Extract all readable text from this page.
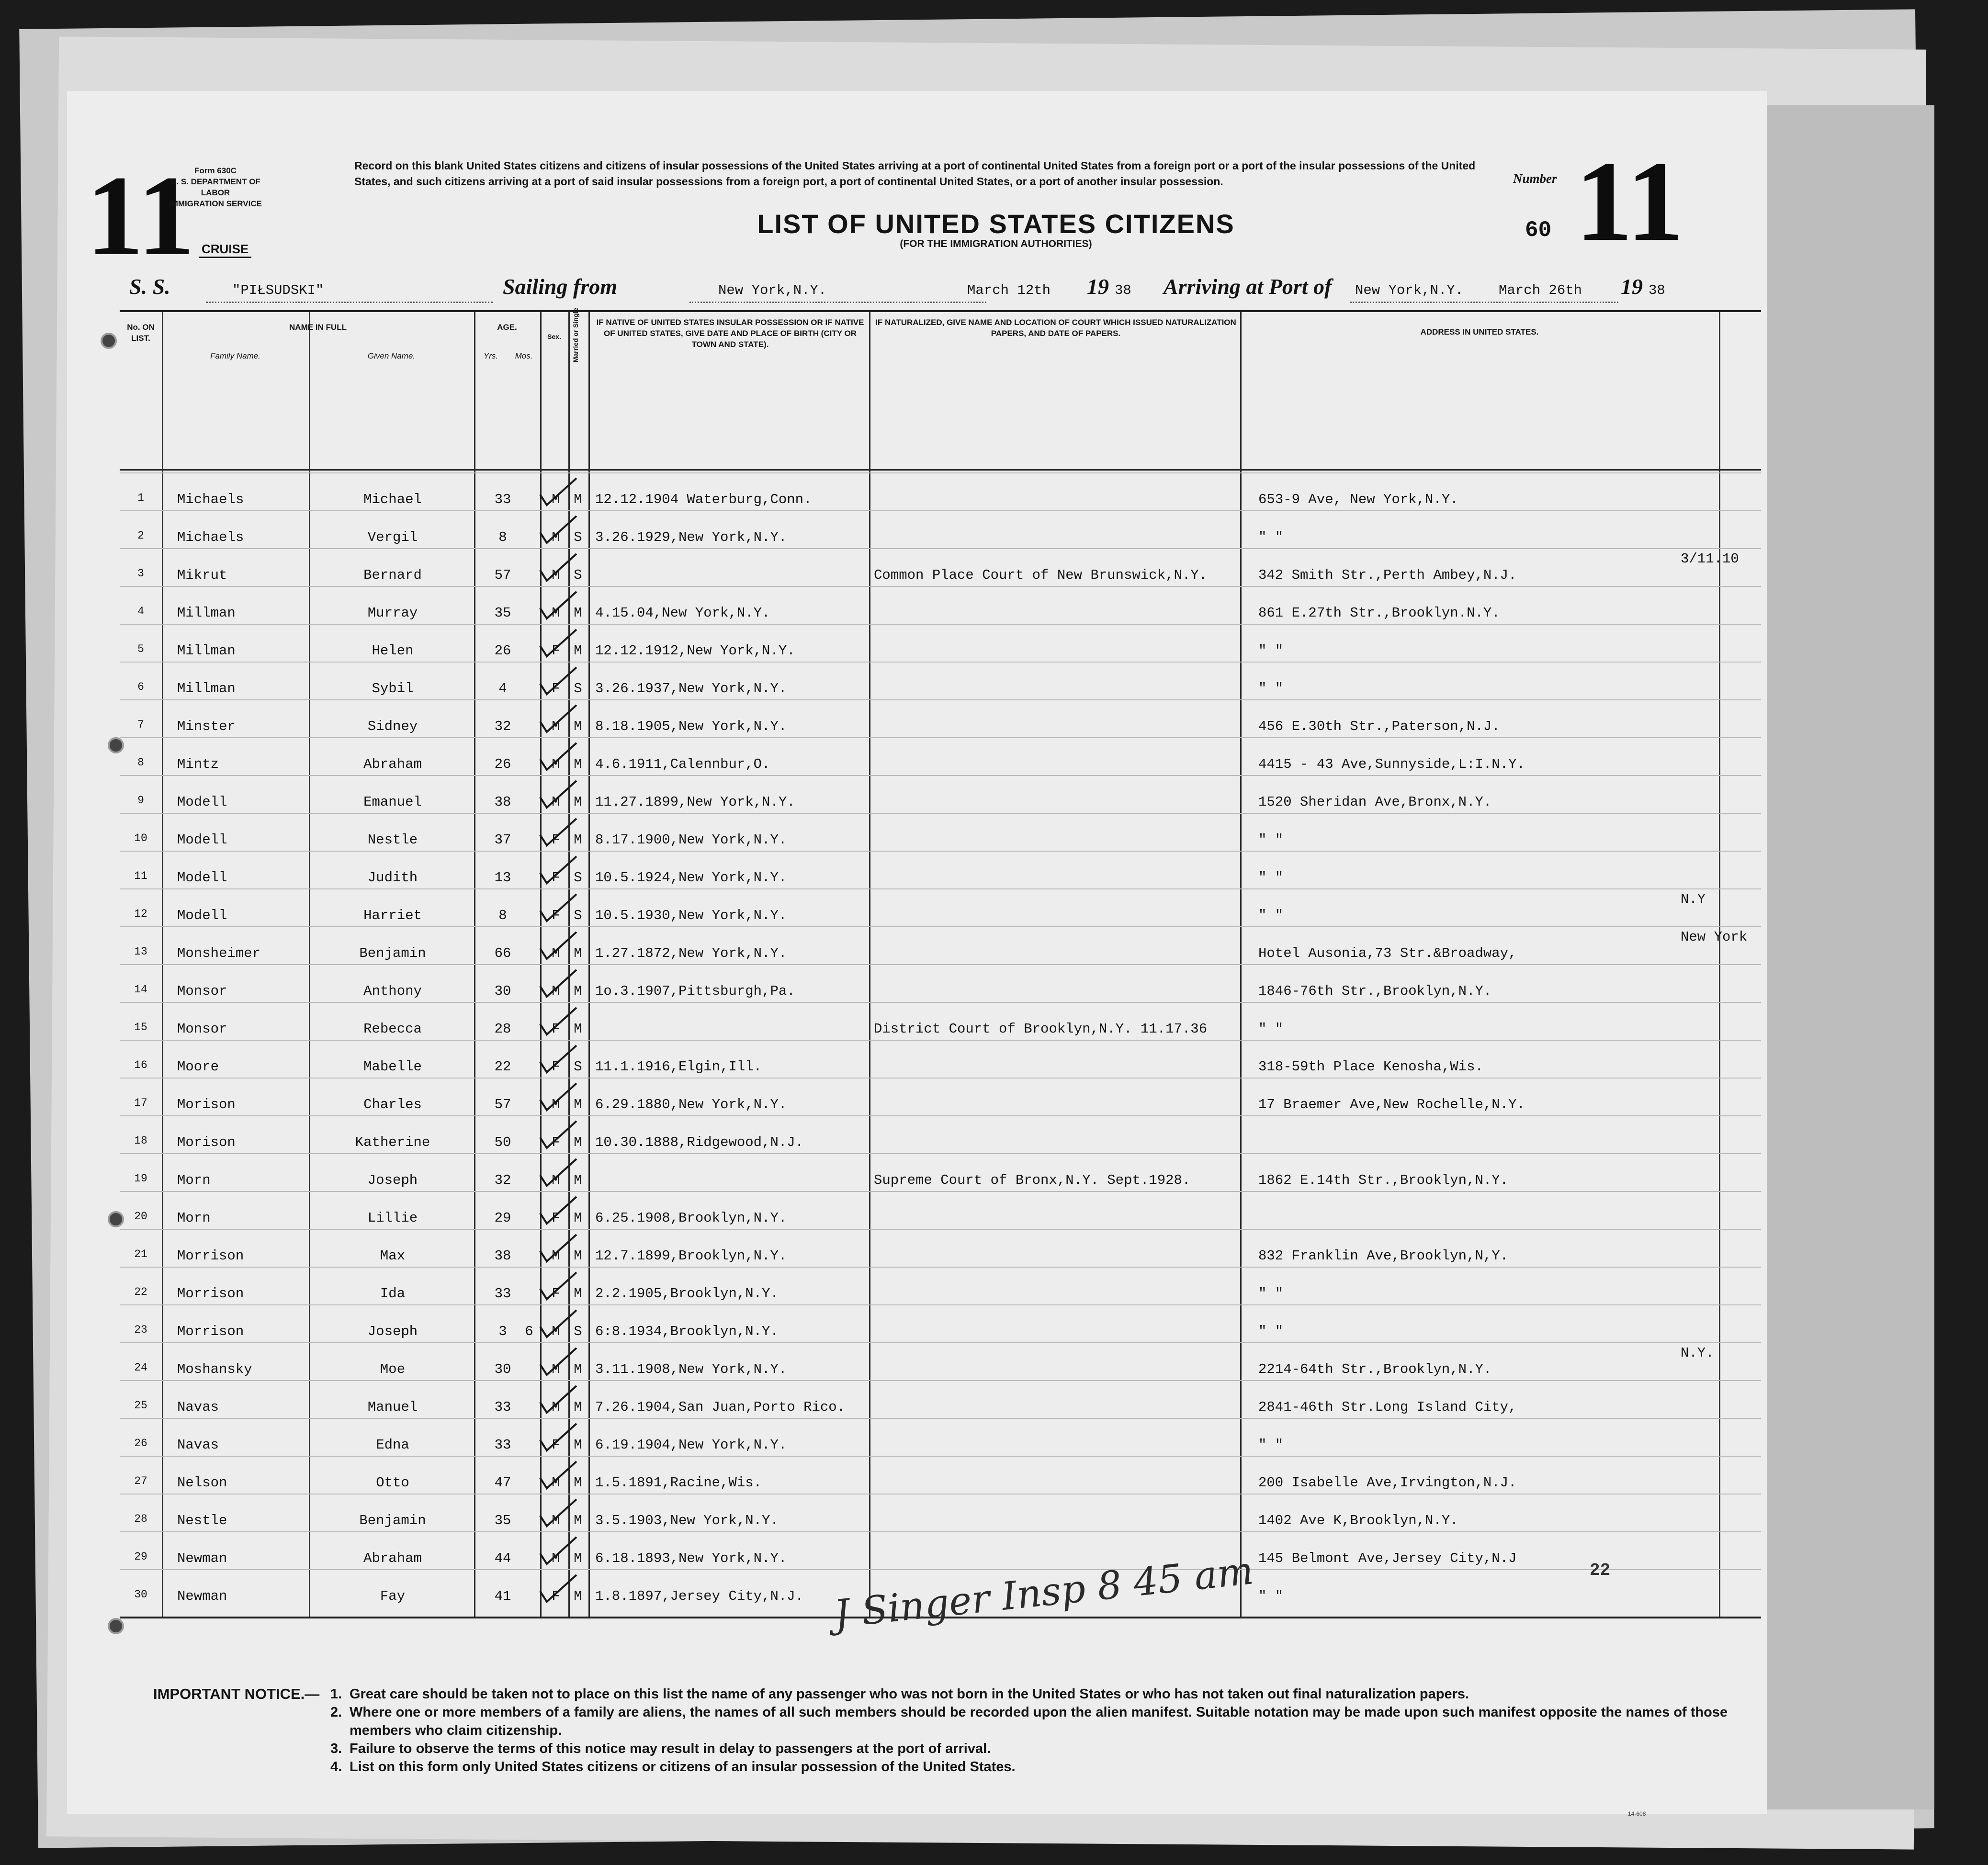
11	11
Form 630C
U. S. DEPARTMENT OF LABOR
IMMIGRATION SERVICE
CRUISE
Record on this blank United States citizens and citizens of insular possessions of the United States arriving at a port of continental United States from a foreign port or a port of the insular possessions of the United States, and such citizens arriving at a port of said insular possessions from a foreign port, a port of continental United States, or a port of another insular possession.
LIST OF UNITED STATES CITIZENS
(FOR THE IMMIGRATION AUTHORITIES)
Number
60
S. S.	"PIŁSUDSKI"	Sailing from	New York,N.Y.	March 12th 19 38 Arriving at Port of New York,N.Y.	March 26th 19 38
No. ON LIST.
NAME IN FULL
Family Name.	Given Name.
AGE.
Yrs.	Mos.
Sex.	Married or Single	IF NATIVE OF UNITED STATES INSULAR POSSESSION OR IF NATIVE OF UNITED STATES, GIVE DATE AND PLACE OF BIRTH (CITY OR TOWN AND STATE).
IF NATURALIZED, GIVE NAME AND LOCATION OF COURT WHICH ISSUED NATURALIZATION PAPERS, AND DATE OF PAPERS.	ADDRESS IN UNITED STATES.
1	Michaels	Michael	33	M M 12.12.1904 Waterburg,Conn.	653-9 Ave, New York,N.Y.
2	Michaels	Vergil	8	M S 3.26.1929,New York,N.Y.	" "
3	Mikrut	Bernard	57	M S	Common Place Court of New Brunswick,N.Y.	342 Smith Str.,Perth Ambey,N.J.
3/11.10
4	Millman	Murray	35	M M 4.15.04,New York,N.Y.	861 E.27th Str.,Brooklyn.N.Y.
5	Millman	Helen	26	F M 12.12.1912,New York,N.Y.	" "
6	Millman	Sybil	4	F S 3.26.1937,New York,N.Y.	" "
7	Minster	Sidney	32	M M 8.18.1905,New York,N.Y.	456 E.30th Str.,Paterson,N.J.
8	Mintz	Abraham	26	M M 4.6.1911,Calennbur,O.	4415 - 43 Ave,Sunnyside,L:I.N.Y.
9	Modell	Emanuel	38	M M 11.27.1899,New York,N.Y.	1520 Sheridan Ave,Bronx,N.Y.
10	Modell	Nestle	37	F M 8.17.1900,New York,N.Y.	" "
11	Modell	Judith	13	F S 10.5.1924,New York,N.Y.	" "
12	Modell	Harriet	8	F S 10.5.1930,New York,N.Y.	" "
N.Y
13	Monsheimer	Benjamin	66	M M 1.27.1872,New York,N.Y.	Hotel Ausonia,73 Str.&Broadway,
New York
14	Monsor	Anthony	30	M M 1o.3.1907,Pittsburgh,Pa.	1846-76th Str.,Brooklyn,N.Y.
15	Monsor	Rebecca	28	F M	District Court of Brooklyn,N.Y. 11.17.36	" "
16	Moore	Mabelle	22	F S 11.1.1916,Elgin,Ill.	318-59th Place Kenosha,Wis.
17	Morison	Charles	57	M M 6.29.1880,New York,N.Y.	17 Braemer Ave,New Rochelle,N.Y.
18	Morison	Katherine	50	F M 10.30.1888,Ridgewood,N.J.
19	Morn	Joseph	32	M M	Supreme Court of Bronx,N.Y. Sept.1928.	1862 E.14th Str.,Brooklyn,N.Y.
20	Morn	Lillie	29	F M 6.25.1908,Brooklyn,N.Y.
21	Morrison	Max	38	M M 12.7.1899,Brooklyn,N.Y.	832 Franklin Ave,Brooklyn,N,Y.
22	Morrison	Ida	33	F M 2.2.1905,Brooklyn,N.Y.	" "
23	Morrison	Joseph	3	6	M S 6:8.1934,Brooklyn,N.Y.	" "
24	Moshansky	Moe	30	M M 3.11.1908,New York,N.Y.	2214-64th Str.,Brooklyn,N.Y.
N.Y.
25	Navas	Manuel	33	M M 7.26.1904,San Juan,Porto Rico.	2841-46th Str.Long Island City,
26	Navas	Edna	33	F M 6.19.1904,New York,N.Y.	" "
27	Nelson	Otto	47	M M 1.5.1891,Racine,Wis.	200 Isabelle Ave,Irvington,N.J.
28	Nestle	Benjamin	35	M M 3.5.1903,New York,N.Y.	1402 Ave K,Brooklyn,N.Y.
29	Newman	Abraham	44	M M 6.18.1893,New York,N.Y.	145 Belmont Ave,Jersey City,N.J
30	Newman	Fay	41	F M 1.8.1897,Jersey City,N.J.	" "
J Singer Insp 8 45 am	22
IMPORTANT NOTICE.— 1. Great care should be taken not to place on this list the name of any passenger who was not born in the United States or who has not taken out final naturalization papers.
2. Where one or more members of a family are aliens, the names of all such members should be recorded upon the alien manifest. Suitable notation may be made upon such manifest opposite the names of those members who claim citizenship.
3. Failure to observe the terms of this notice may result in delay to passengers at the port of arrival.
4. List on this form only United States citizens or citizens of an insular possession of the United States.
14-608
